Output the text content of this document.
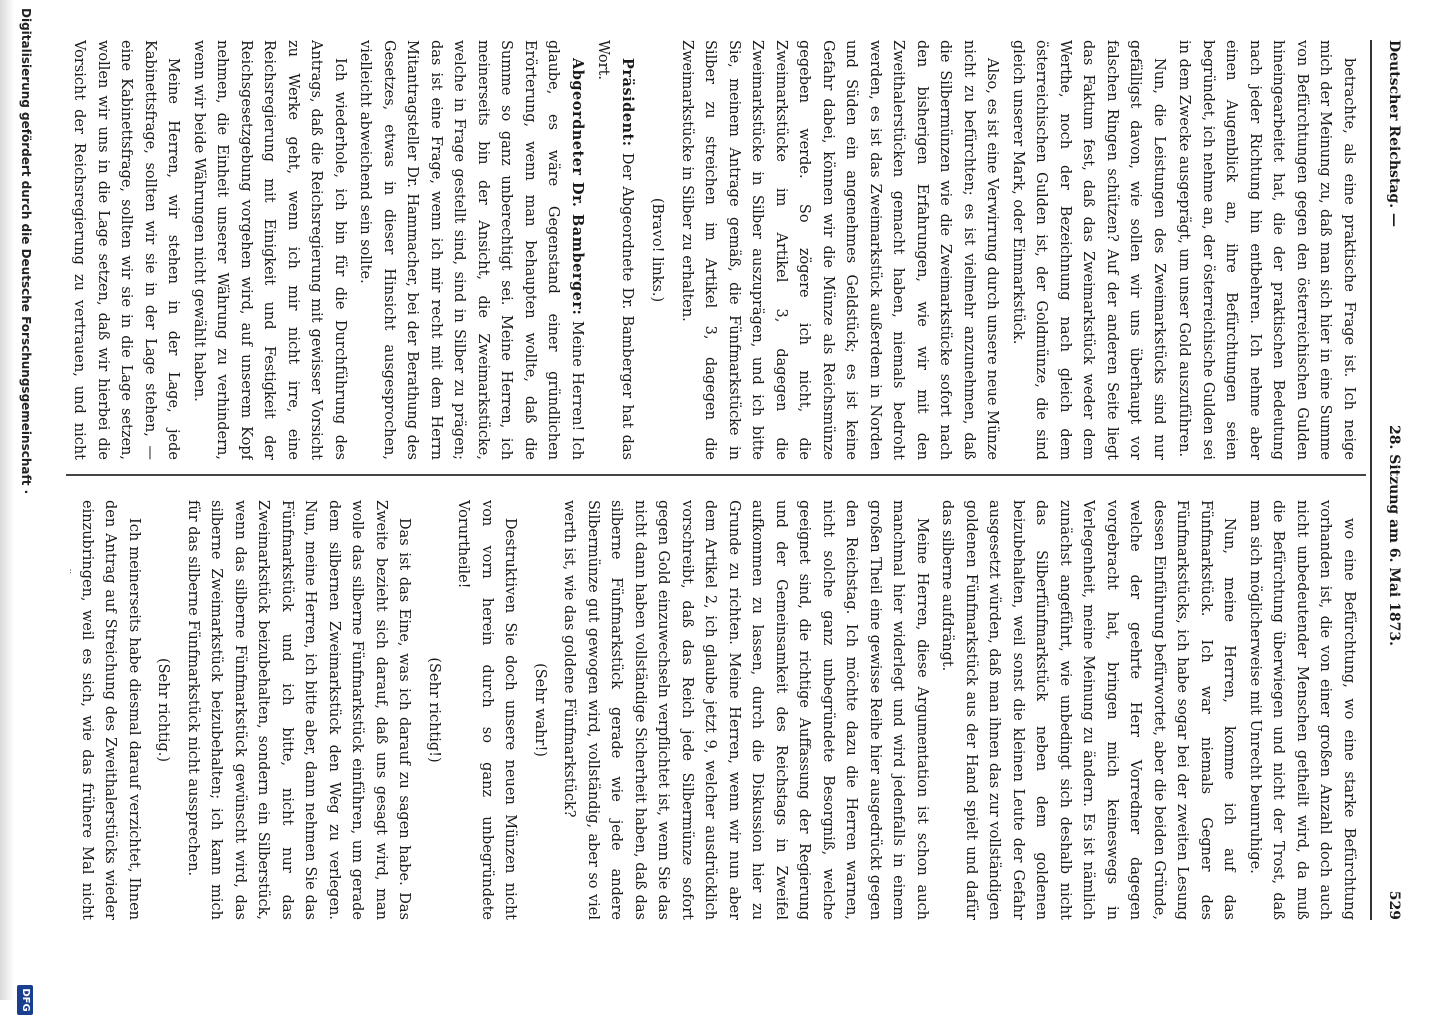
Deutscher Reichstag. —
28. Sitzung am 6. Mai 1873.
529

betrachte, als eine praktische Frage ist. Ich neige mich der Meinung zu, daß man sich hier in eine Summe von Befürchtungen gegen den österreichischen Gulden hineingearbeitet hat, die der praktischen Bedeutung nach jeder Richtung hin entbehren. Ich nehme aber einen Augenblick an, ihre Befürchtungen seien begründet, ich nehme an, der österreichische Gulden sei in dem Zwecke ausgeprägt, um unser Gold auszuführen.

Nun, die Leistungen des Zweimarkstücks sind nur gefälligst davon, wie sollen wir uns überhaupt vor falschen Ringen schützen? Auf der anderen Seite liegt das Faktum fest, daß das Zweimarkstück weder dem Werthe, noch der Bezeichnung nach gleich dem österreichischen Gulden ist, der Goldmünze, die sind gleich unserer Mark, oder Einmarkstück.

Also, es ist eine Verwirrung durch unsere neue Münze nicht zu befürchten; es ist vielmehr anzunehmen, daß die Silbermünzen wie die Zweimarkstücke sofort nach den bisherigen Erfahrungen, wie wir mit den Zweithalerstücken gemacht haben, niemals bedroht werden, es ist das Zweimarkstück außerdem in Norden und Süden ein angenehmes Geldstück; es ist keine Gefahr dabei, können wir die Münze als Reichsmünze gegeben werde. So zögere ich nicht, die Zweimarkstücke im Artikel 3, dagegen die Zweimarkstücke in Silber auszuprägen, und ich bitte Sie, meinem Antrage gemäß, die Fünfmarkstücke in Silber zu streichen im Artikel 3, dagegen die Zweimarkstücke in Silber zu erhalten.

(Bravo! links.)

Präsident: Der Abgeordnete Dr. Bamberger hat das Wort.

Abgeordneter Dr. Bamberger: Meine Herren! Ich glaube, es wäre Gegenstand einer gründlichen Erörterung, wenn man behaupten wollte, daß die Summe so ganz unberechtigt sei. Meine Herren, ich meinerseits bin der Ansicht, die Zweimarkstücke, welche in Frage gestellt sind, sind in Silber zu prägen; das ist eine Frage, wenn ich mir recht mit dem Herrn Mitantragsteller Dr. Hammacher, bei der Berathung des Gesetzes, etwas in dieser Hinsicht ausgesprochen, vielleicht abweichend sein sollte.

Ich wiederhole, ich bin für die Durchführung des Antrags, daß die Reichsregierung mit gewisser Vorsicht zu Werke geht, wenn ich mir nicht irre, eine Reichsregierung mit Einigkeit und Festigkeit der Reichsgesetzgebung vorgehen wird, auf unserem Kopf nehmen, die Einheit unserer Währung zu verhindern, wenn wir beide Währungen nicht gewählt haben.

Meine Herren, wir stehen in der Lage, jede Kabinettsfrage, sollten wir sie in der Lage stehen, — eine Kabinettsfrage, sollten wir sie in die Lage setzen, wollen wir uns in die Lage setzen, daß wir hierbei die Vorsicht der Reichsregierung zu vertrauen, und nicht

wo eine Befürchtung, wo eine starke Befürchtung vorhanden ist, die von einer großen Anzahl doch auch nicht unbedeutender Menschen getheilt wird, da muß die Befürchtung überwiegen und nicht der Trost, daß man sich möglicherweise mit Unrecht beunruhige.

Nun, meine Herren, komme ich auf das Fünfmarkstück. Ich war niemals Gegner des Fünfmarkstücks, ich habe sogar bei der zweiten Lesung dessen Einführung befürwortet, aber die beiden Gründe, welche der geehrte Herr Vorredner dagegen vorgebracht hat, bringen mich keineswegs in Verlegenheit, meine Meinung zu ändern. Es ist nämlich zunächst angeführt, wie unbedingt sich deshalb nicht das Silberfünfmarkstück neben dem goldenen beizubehalten, weil sonst die kleinen Leute der Gefahr ausgesetzt würden, daß man ihnen das zur vollständigen goldenen Fünfmarkstück aus der Hand spielt und dafür das silberne aufdrängt.

Meine Herren, diese Argumentation ist schon auch manchmal hier widerlegt und wird jedenfalls in einem großen Theil eine gewisse Reihe hier ausgedrückt gegen den Reichstag. Ich möchte dazu die Herren warnen, nicht solche ganz unbegründete Besorgniß, welche geeignet sind, die richtige Auffassung der Regierung und der Gemeinsamkeit des Reichstags in Zweifel aufkommen zu lassen, durch die Diskussion hier zu Grunde zu richten. Meine Herren, wenn wir nun aber dem Artikel 2, ich glaube jetzt 9, welcher ausdrücklich vorschreibt, daß das Reich jede Silbermünze sofort gegen Gold einzuwechseln verpflichtet ist, wenn Sie das nicht dann haben vollständige Sicherheit haben, daß das silberne Fünfmarkstück gerade wie jede andere Silbermünze gut gewogen wird, vollständig, aber so viel werth ist, wie das goldene Fünfmarkstück?

(Sehr wahr!)

Destruktiven Sie doch unsere neuen Münzen nicht von vorn herein durch so ganz unbegründete Vorurtheile!

(Sehr richtig!)

Das ist das Eine, was ich darauf zu sagen habe. Das Zweite bezieht sich darauf, daß uns gesagt wird, man wolle das silberne Fünfmarkstück einführen, um gerade dem silbernen Zweimarkstück den Weg zu verlegen. Nun, meine Herren, ich bitte aber, dann nehmen Sie das Fünfmarkstück und ich bitte, nicht nur das Zweimarkstück beizubehalten, sondern ein Silberstück, wenn das silberne Fünfmarkstück gewünscht wird, das silberne Zweimarkstück beizubehalten; ich kann mich für das silberne Fünfmarkstück nicht aussprechen.

(Sehr richtig.)

Ich meinerseits habe diesmal darauf verzichtet, Ihnen den Antrag auf Streichung des Zweithalerstücks wieder einzubringen, weil es sich, wie das frühere Mal nicht

Digitalisierung gefördert durch die Deutsche Forschungsgemeinschaft ·
DFG
